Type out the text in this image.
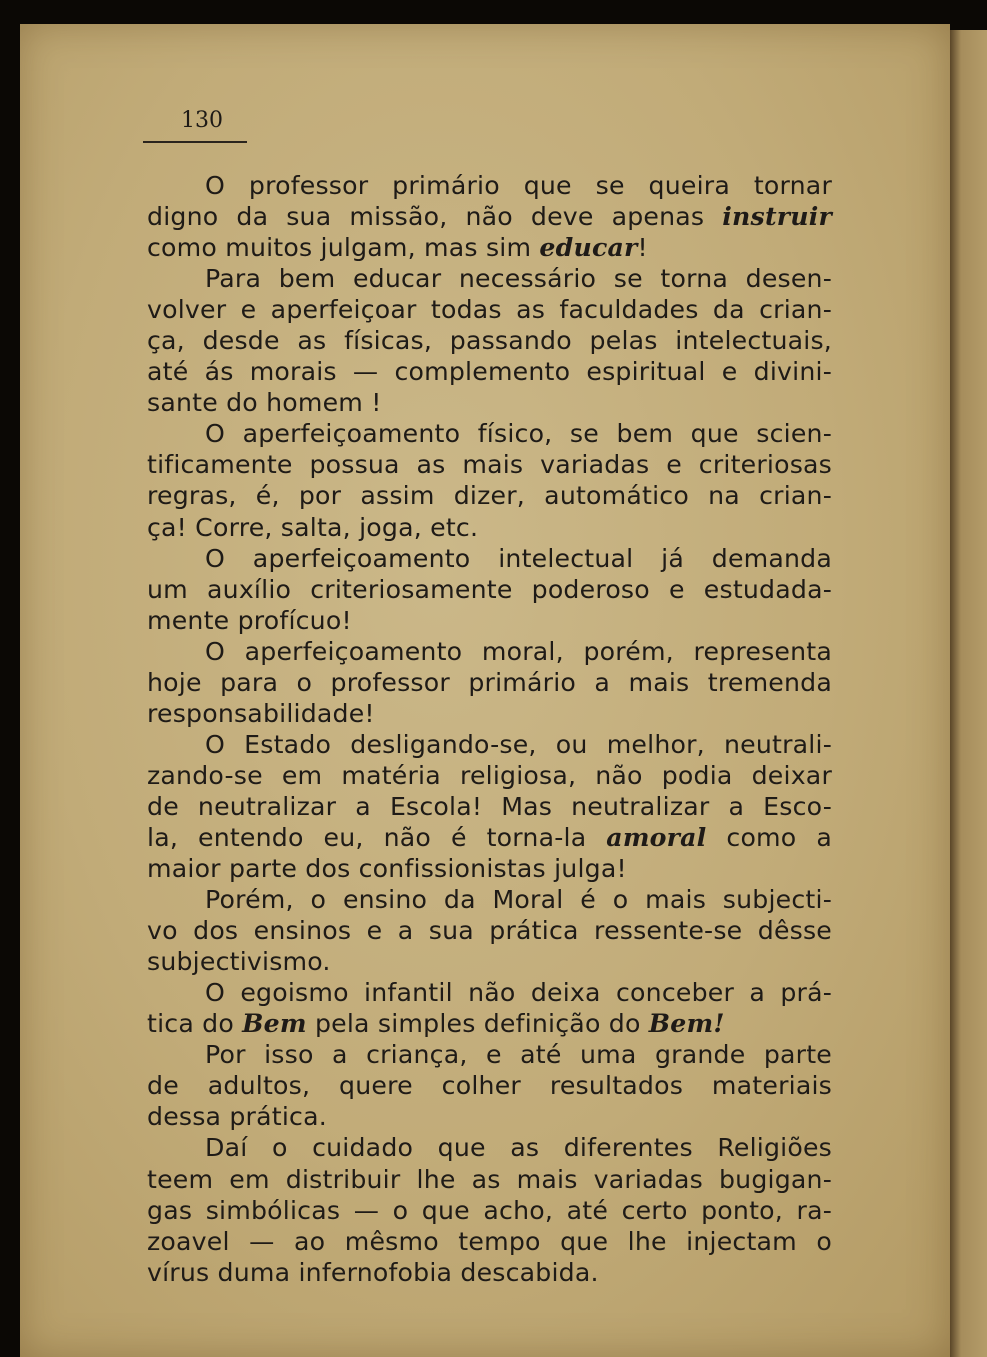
130
O professor primário que se queira tornar
digno da sua missão, não deve apenas instruir
como muitos julgam, mas sim educar!
Para bem educar necessário se torna desen-
volver e aperfeiçoar todas as faculdades da crian-
ça, desde as físicas, passando pelas intelectuais,
até ás morais — complemento espiritual e divini-
sante do homem !
O aperfeiçoamento físico, se bem que scien-
tificamente possua as mais variadas e criteriosas
regras, é, por assim dizer, automático na crian-
ça! Corre, salta, joga, etc.
O aperfeiçoamento intelectual já demanda
um auxílio criteriosamente poderoso e estudada-
mente profícuo!
O aperfeiçoamento moral, porém, representa
hoje para o professor primário a mais tremenda
responsabilidade!
O Estado desligando-se, ou melhor, neutrali-
zando-se em matéria religiosa, não podia deixar
de neutralizar a Escola! Mas neutralizar a Esco-
la, entendo eu, não é torna-la amoral como a
maior parte dos confissionistas julga!
Porém, o ensino da Moral é o mais subjecti-
vo dos ensinos e a sua prática ressente-se dêsse
subjectivismo.
O egoismo infantil não deixa conceber a prá-
tica do Bem pela simples definição do Bem!
Por isso a criança, e até uma grande parte
de adultos, quere colher resultados materiais
dessa prática.
Daí o cuidado que as diferentes Religiões
teem em distribuir lhe as mais variadas bugigan-
gas simbólicas — o que acho, até certo ponto, ra-
zoavel — ao mêsmo tempo que lhe injectam o
vírus duma infernofobia descabida.
